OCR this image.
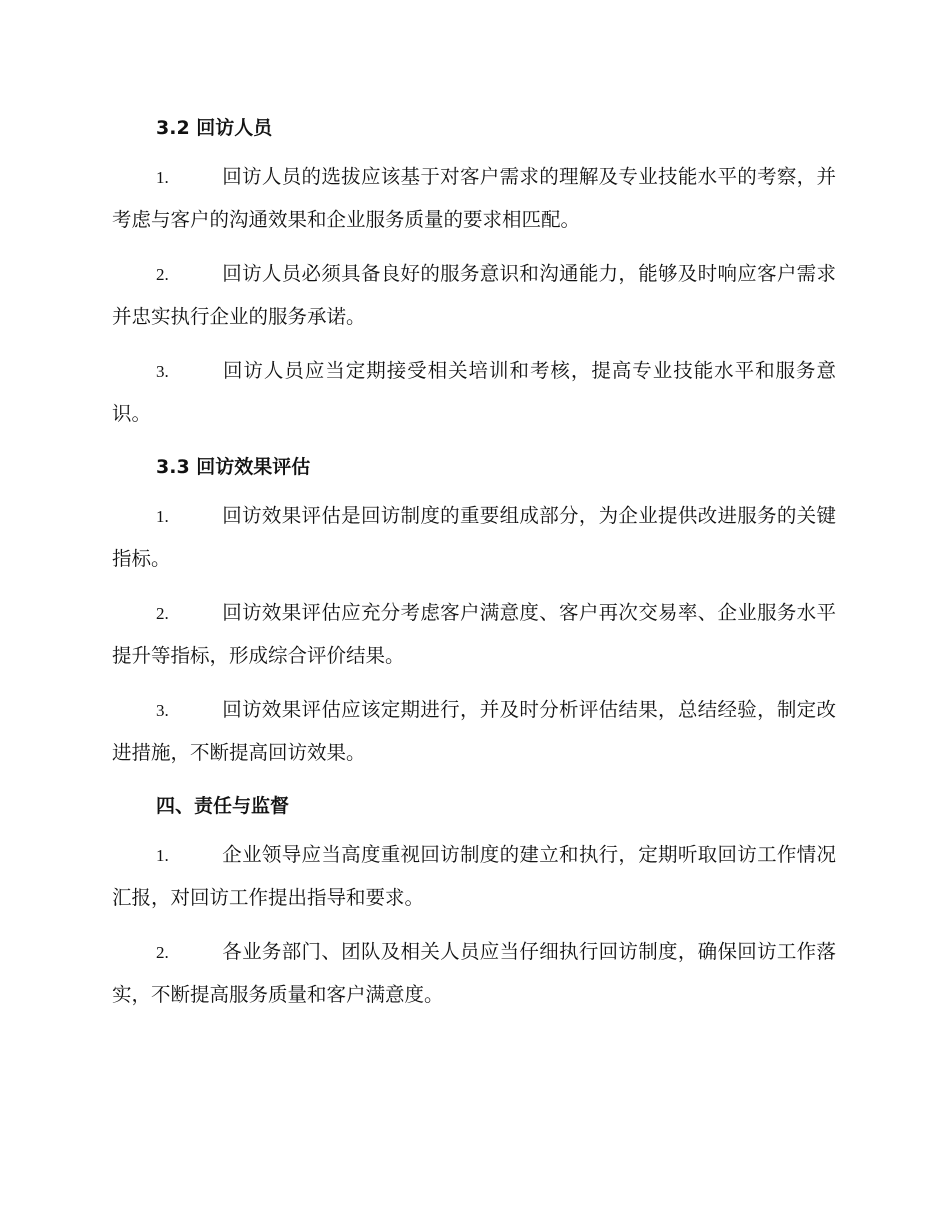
3.2 回访人员

1.	回访人员的选拔应该基于对客户需求的理解及专业技能水平的考察，并考虑与客户的沟通效果和企业服务质量的要求相匹配。

2.	回访人员必须具备良好的服务意识和沟通能力，能够及时响应客户需求并忠实执行企业的服务承诺。

3.	回访人员应当定期接受相关培训和考核，提高专业技能水平和服务意识。

3.3 回访效果评估

1.	回访效果评估是回访制度的重要组成部分，为企业提供改进服务的关键指标。

2.	回访效果评估应充分考虑客户满意度、客户再次交易率、企业服务水平提升等指标，形成综合评价结果。

3.	回访效果评估应该定期进行，并及时分析评估结果，总结经验，制定改进措施，不断提高回访效果。

四、责任与监督

1.	企业领导应当高度重视回访制度的建立和执行，定期听取回访工作情况汇报，对回访工作提出指导和要求。

2.	各业务部门、团队及相关人员应当仔细执行回访制度，确保回访工作落实，不断提高服务质量和客户满意度。
